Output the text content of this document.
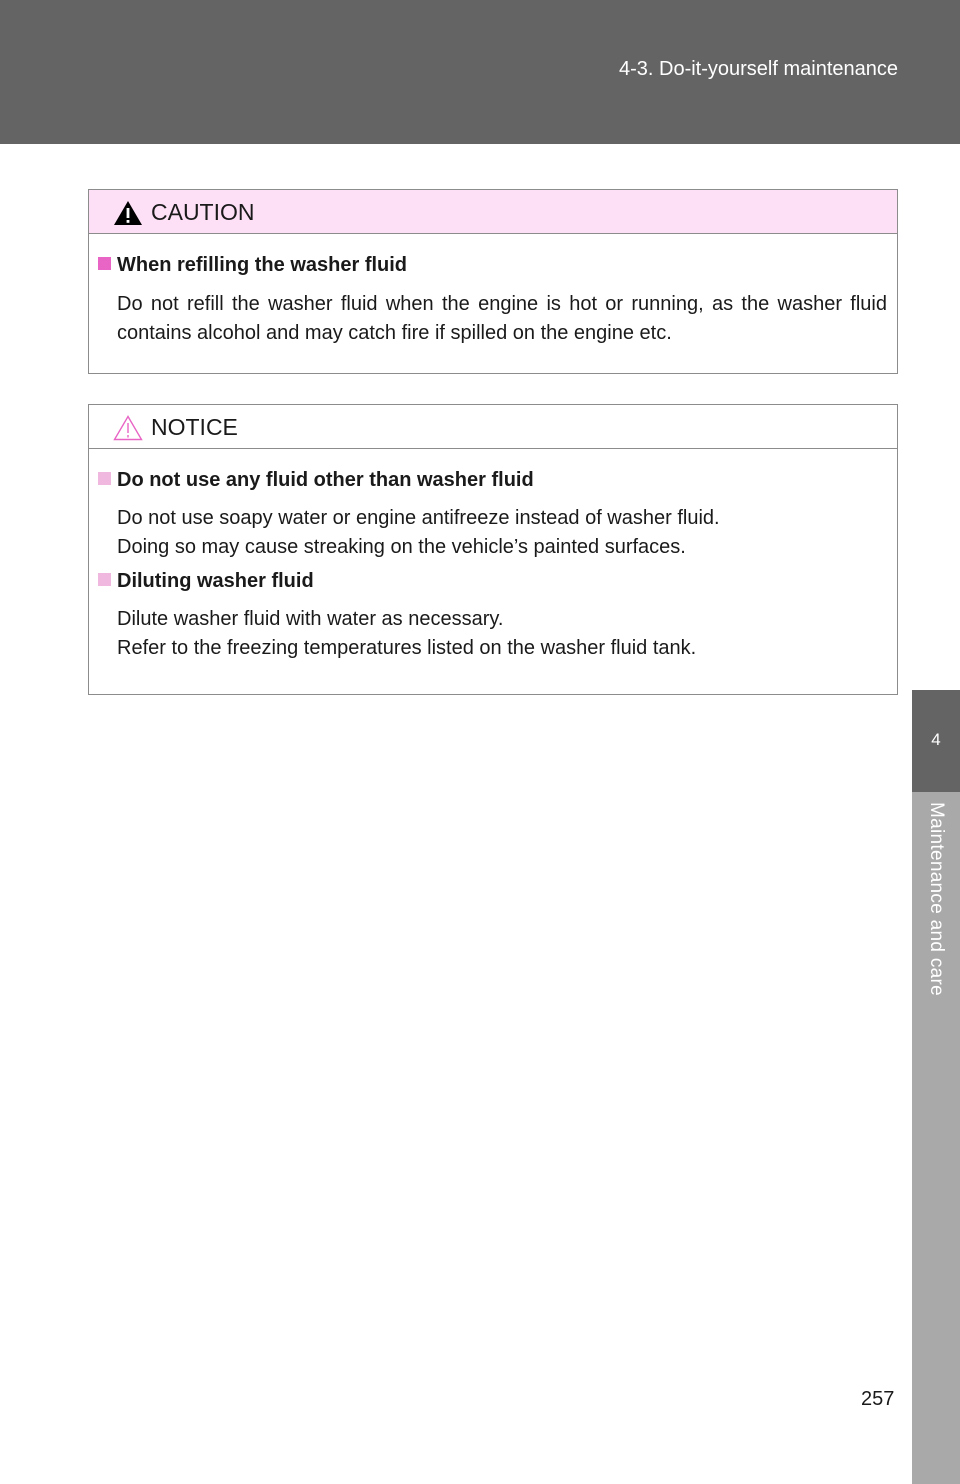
4-3. Do-it-yourself maintenance
4
Maintenance and care
CAUTION
When refilling the washer fluid
Do not refill the washer fluid when the engine is hot or running, as the washer fluid contains alcohol and may catch fire if spilled on the engine etc.
NOTICE
Do not use any fluid other than washer fluid
Do not use soapy water or engine antifreeze instead of washer fluid.
Doing so may cause streaking on the vehicle’s painted surfaces.
Diluting washer fluid
Dilute washer fluid with water as necessary.
Refer to the freezing temperatures listed on the washer fluid tank.
257
